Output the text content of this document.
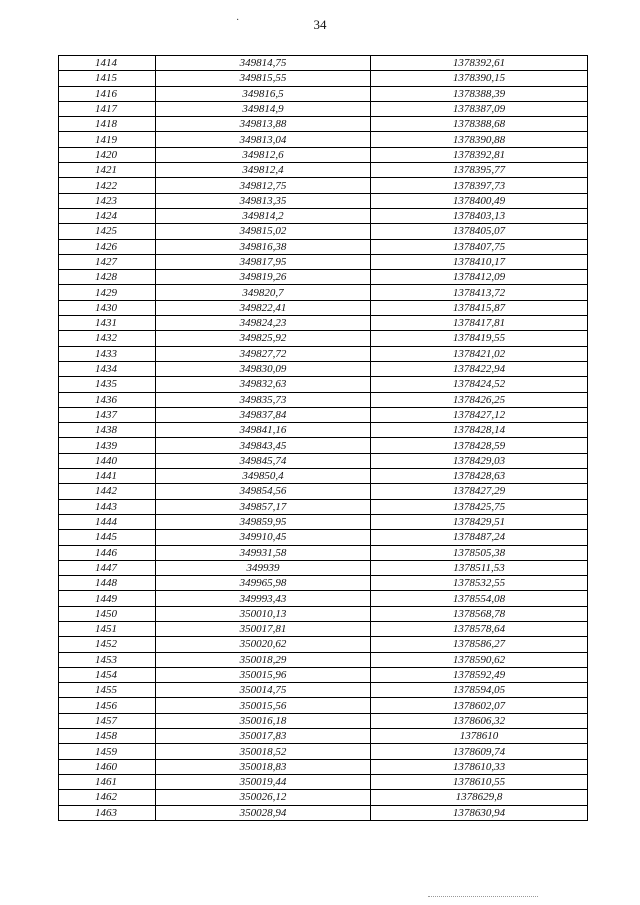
34
·
1414	349814,75	1378392,61
1415	349815,55	1378390,15
1416	349816,5	1378388,39
1417	349814,9	1378387,09
1418	349813,88	1378388,68
1419	349813,04	1378390,88
1420	349812,6	1378392,81
1421	349812,4	1378395,77
1422	349812,75	1378397,73
1423	349813,35	1378400,49
1424	349814,2	1378403,13
1425	349815,02	1378405,07
1426	349816,38	1378407,75
1427	349817,95	1378410,17
1428	349819,26	1378412,09
1429	349820,7	1378413,72
1430	349822,41	1378415,87
1431	349824,23	1378417,81
1432	349825,92	1378419,55
1433	349827,72	1378421,02
1434	349830,09	1378422,94
1435	349832,63	1378424,52
1436	349835,73	1378426,25
1437	349837,84	1378427,12
1438	349841,16	1378428,14
1439	349843,45	1378428,59
1440	349845,74	1378429,03
1441	349850,4	1378428,63
1442	349854,56	1378427,29
1443	349857,17	1378425,75
1444	349859,95	1378429,51
1445	349910,45	1378487,24
1446	349931,58	1378505,38
1447	349939	1378511,53
1448	349965,98	1378532,55
1449	349993,43	1378554,08
1450	350010,13	1378568,78
1451	350017,81	1378578,64
1452	350020,62	1378586,27
1453	350018,29	1378590,62
1454	350015,96	1378592,49
1455	350014,75	1378594,05
1456	350015,56	1378602,07
1457	350016,18	1378606,32
1458	350017,83	1378610
1459	350018,52	1378609,74
1460	350018,83	1378610,33
1461	350019,44	1378610,55
1462	350026,12	1378629,8
1463	350028,94	1378630,94
